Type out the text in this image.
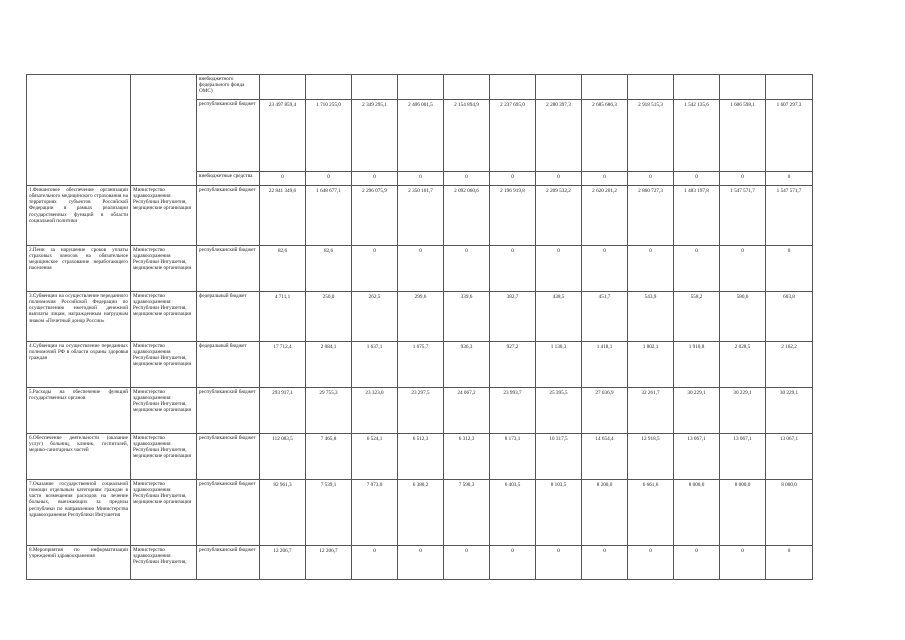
		внебюджетного федерального фонда ОМС)												
		республиканский бюджет	23 497 859,4	1 710 255,0	2 349 295,1	2 406 001,5	2 154 894,9	2 237 695,0	2 280 397,3	2 685 686,3	2 918 515,3	1 542 135,6	1 606 598,1	1 607 297,3
		внебюджетные средства	0	0	0	0	0	0	0	0	0	0	0	0
1.Финансовое обеспечение организации обязательного медицинского страхования на территориях субъектов Российской Федерации в рамках реализации государственных функций в области социальной политики	Министерство здравоохранения Республики Ингушетия, медицинские организации	республиканский бюджет	22 841 349,6	1 648 677,1	2 296 075,9	2 350 101,7	2 092 060,6	2 196 919,8	2 209 532,2	2 620 201,2	2 860 727,3	1 483 197,8	1 547 571,7	1 547 571,7
2.Пени за нарушение сроков уплаты страховых взносов на обязательное медицинское страхование неработающего населения	Министерство здравоохранения Республики Ингушетия, медицинские организации	республиканский бюджет	82,6	82,6	0	0	0	0	0	0	0	0	0	0
3.Субвенции на осуществление переданного полномочия Российской Федерации по осуществлению ежегодной денежной выплаты лицам, награжденным нагрудным знаком «Почетный донор России»	Министерство здравоохранения Республики Ингушетия, медицинские организации	федеральный бюджет	4 711,1	250,0	262,5	299,6	339,6	382,7	438,5	451,7	543,9	558,2	580,6	603,8
4.Субвенции на осуществление переданных полномочий РФ в области охраны здоровья граждан	Министерство здравоохранения Республики Ингушетия, медицинские организации	федеральный бюджет	17 712,4	2 084,1	1 637,1	1 675,7	936,3	927,2	1 130,3	1 418,1	1 802,1	1 910,8	2 028,5	2 162,2
5.Расходы на обеспечение функций государственных органов	Министерство здравоохранения Республики Ингушетия, медицинские организации	республиканский бюджет	293 917,1	29 755,3	23 323,0	23 297,5	24 067,2	23 993,7	25 395,5	27 036,9	32 261,7	30 229,1	30 229,1	30 229,1
6.Обеспечение деятельности (оказание услуг) больниц, клиник, госпиталей, медико-санитарных частей	Министерство здравоохранения Республики Ингушетия, медицинские организации	республиканский бюджет	112 083,5	7 465,8	6 524,1	6 512,3	6 312,3	8 173,1	10 317,5	14 654,4	12 918,5	13 067,1	13 067,1	13 067,1
7.Оказание государственной социальной помощи отдельным категориям граждан в части возмещения расходов на лечение больных, выезжающих за пределы республики по направлению Министерства здравоохранения Республики Ингушетия	Министерство здравоохранения Республики Ингушетия, медицинские организации	республиканский бюджет	82 961,3	7 539,1	7 073,0	6 380,2	7 590,3	6 403,5	8 103,5	8 200,0	6 661,6	8 000,0	8 000,0	8 000,0
8.Мероприятия по информатизации учреждений здравоохранения	Министерство здравоохранения Республики Ингушетия,	республиканский бюджет	12 206,7	12 206,7	0	0	0	0	0	0	0	0	0	0
